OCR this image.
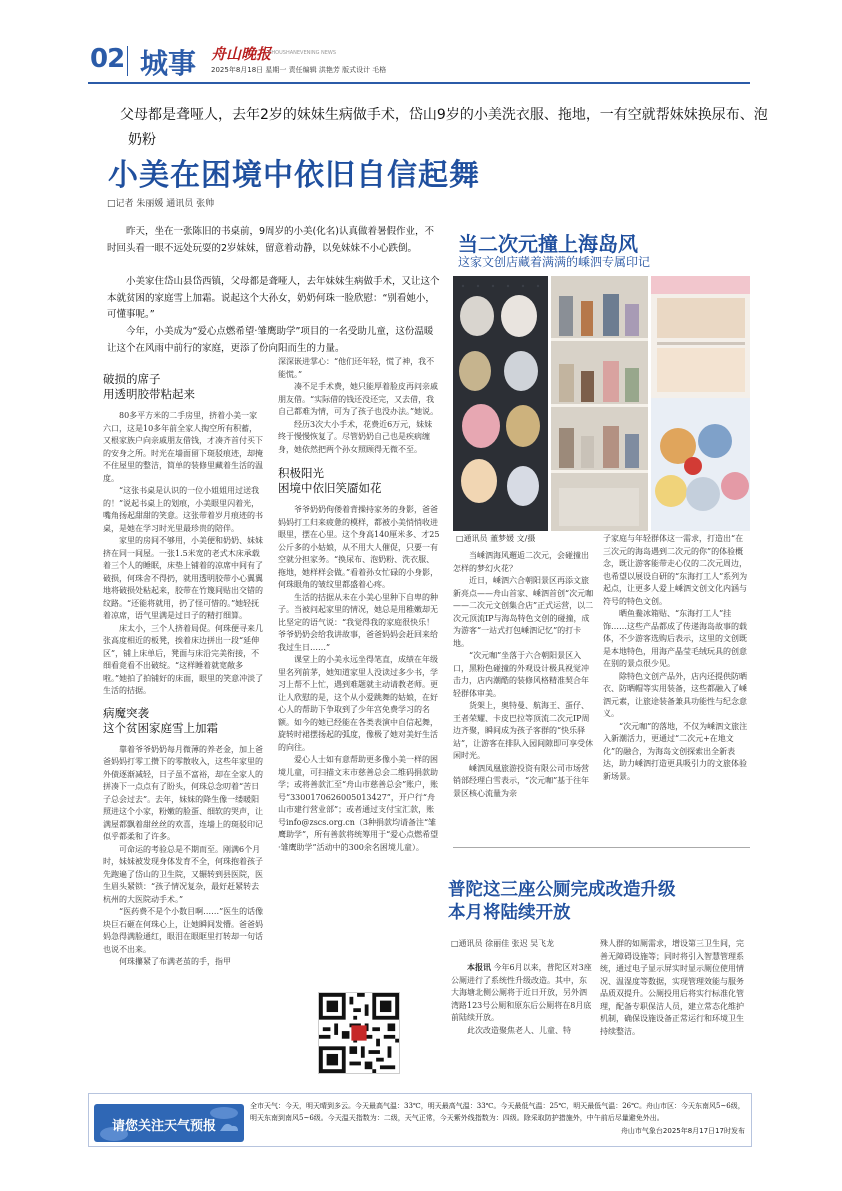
02 城事 舟山晚报
ZHOUSHANEVENING NEWS
2025年8月18日 星期一 责任编辑 洪艳芳 版式设计 毛格
父母都是聋哑人，去年2岁的妹妹生病做手术，岱山9岁的小美洗衣服、拖地，一有空就帮妹妹换尿布、泡奶粉
小美在困境中依旧自信起舞
□记者 朱丽媛 通讯员 张帅

昨天，坐在一张陈旧的书桌前，9周岁的小美(化名)认真做着暑假作业，不时回头看一眼不远处玩耍的2岁妹妹，留意着动静，以免妹妹不小心跌倒。

小美家住岱山县岱西镇，父母都是聋哑人，去年妹妹生病做手术，又让这个本就贫困的家庭雪上加霜。说起这个大孙女，奶奶何珠一脸欣慰：“别看她小，可懂事呢。”

今年，小美成为“爱心点燃希望·雏鹰助学”项目的一名受助儿童，这份温暖让这个在风雨中前行的家庭，更添了份向阳而生的力量。

破损的席子
用透明胶带粘起来

80多平方米的二手房里，挤着小美一家六口，这是10多年前全家人掏空所有积蓄，又根家族户向亲戚朋友借钱，才凑齐首付买下的安身之所。时光在墙面留下斑驳痕迹，却掩不住屋里的整洁，简单的装修里藏着生活的温度。

“这张书桌是认识的一位小姐姐用过送我的！”说起书桌上的划痕，小美眼里闪着光，嘴角扬起甜甜的笑意。这张带着岁月痕迹的书桌，是她在学习时光里最珍贵的陪伴。

家里的房间不够用，小美便和奶奶、妹妹挤在同一间屋。一张1.5米宽的老式木床承载着三个人的睡眠，床垫上铺着的凉席中间有了破损，何珠舍不得扔，就用透明胶带小心翼翼地将破损处粘起来，胶带在竹篾间贴出交错的纹路。“还能将就用，扔了怪可惜的。”她轻抚着凉席，语气里满是过日子的精打细算。

床太小，三个人挤着局促。何珠便寻来几张高度相近的板凳，挨着床边拼出一段“延伸区”，铺上床单后，凳面与床沿完美衔接，不细看竟看不出破绽。“这样睡着就宽敞多啦。”她拍了拍铺好的床面，眼里的笑意冲淡了生活的拮据。

病魔突袭
这个贫困家庭雪上加霜

靠着爷爷奶奶每月微薄的养老金，加上爸爸妈妈打零工攒下的零散收入，这些年家里的外债逐渐减轻，日子虽不富裕，却在全家人的拼凑下一点点有了盼头，何珠总念叨着“苦日子总会过去”。去年，妹妹的降生像一缕暖阳照进这个小家，粉嫩的脸蛋、细软的哭声，让满屋都飘着甜丝丝的欢喜，连墙上的斑驳印记似乎都柔和了许多。

可命运的考验总是不期而至。刚满6个月时，妹妹被发现身体发育不全，何珠抱着孩子先跑遍了岱山的卫生院，又辗转到县医院，医生眉头紧锁：“孩子情况复杂，最好赶紧转去杭州的大医院动手术。”

“医药费不是个小数目啊……”医生的话像块巨石砸在何珠心上，让她瞬间发懵。爸爸妈妈急得满脸通红，眼泪在眼眶里打转却一句话也说不出来。

何珠攥紧了布满老茧的手，指甲

深深嵌进掌心：“他们还年轻，慌了神，我不能慌。”

凑不足手术费，她只能厚着脸皮再问亲戚朋友借。“实际借的钱还没还完，又去借，我自己都难为情，可为了孩子也没办法。”她说。

经历3次大小手术，花费近6万元，妹妹终于慢慢恢复了。尽管奶奶自己也是疾病缠身，她依然把两个孙女照顾得无微不至。

积极阳光
困境中依旧笑靥如花

爷爷奶奶佝偻着背操持家务的身影，爸爸妈妈打工归来疲惫的模样，都被小美悄悄收进眼里，摆在心里。这个身高140厘米多、才25公斤多的小姑娘，从不用大人催促，只要一有空就分担家务。“换尿布、泡奶粉、洗衣服、拖地，她样样会做。”看着孙女忙碌的小身影，何珠眼角的皱纹里都盛着心疼。

生活的拮据从未在小美心里种下自卑的种子。当被问起家里的情况，她总是用稚嫩却无比坚定的语气说：“我觉得我的家庭很快乐！爷爷奶奶会给我讲故事，爸爸妈妈会赶回来给我过生日……”

课堂上的小美永远坐得笔直，成绩在年级里名列前茅，她知道家里人没读过多少书，学习上帮不上忙，遇到难题就主动请教老师。更让人欣慰的是，这个从小爱跳舞的姑娘，在好心人的帮助下争取到了少年宫免费学习的名额。如今的她已经能在各类表演中自信起舞，旋转时裙摆扬起的弧度，像极了她对美好生活的向往。

爱心人士如有意帮助更多像小美一样的困境儿童，可扫描文末市慈善总会二维码捐款助学；或将善款汇至“舟山市慈善总会”账户，账号“3300170626005013427”，开户行“舟山市建行营业部”；或者通过支付宝汇款，账号info@zscs.org.cn（3种捐款均请备注“雏鹰助学”，所有善款将统筹用于“爱心点燃希望·雏鹰助学”活动中的300余名困境儿童）。

当二次元撞上海岛风
这家文创店藏着满满的嵊泗专属印记
□通讯员 董梦媛 文/摄

当嵊泗海风邂逅二次元，会碰撞出怎样的梦幻火花？

近日，嵊泗六合朝阳景区再添文旅新亮点——舟山首家、嵊泗首创“次元咖——二次元文创集合店”正式运营，以二次元顶流IP与海岛特色文创的碰撞，成为游客“一站式打包嵊泗记忆”的打卡地。

“次元咖”坐落于六合朝阳景区入口，黑粉色碰撞的外观设计极具视觉冲击力，店内潮酷的装修风格精准契合年轻群体审美。

货架上，奥特曼、航海王、蛋仔、王者荣耀、卡皮巴拉等顶流二次元IP周边齐聚，瞬间成为孩子客群的“快乐驿站”，让游客在排队入园间隙即可享受休闲时光。

嵊泗凤凰旅游投资有限公司市场营销部经理白雪表示，“次元咖”基于往年景区核心流量为亲

子家庭与年轻群体这一需求，打造出“在三次元的海岛遇到二次元的你”的体验概念，既让游客能带走心仪的二次元周边，也希望以展设自研的“东海打工人”系列为起点，让更多人爱上嵊泗文创文化内涵与符号的特色文创。

晒鱼鲞冰箱贴、“东海打工人”挂饰……这些产品都成了传递海岛故事的载体，不少游客选购后表示，这里的文创既是本地特色，用海产晶莹毛绒玩具的创意在别的景点很少见。

除特色文创产品外，店内还提供防晒衣、防晒帽等实用装备，这些都融入了嵊泗元素，让旅途装备兼具功能性与纪念意义。

“次元咖”的落地，不仅为嵊泗文旅注入新潮活力，更通过“二次元+在地文化”的融合，为海岛文创探索出全新表达，助力嵊泗打造更具吸引力的文旅体验新场景。

普陀这三座公厕完成改造升级
本月将陆续开放
□通讯员 徐丽佳 张迟 吴飞龙

本报讯 今年6月以来，普陀区对3座公厕进行了系统性升级改造。其中，东大海塘北侧公厕将于近日开放，另外泗湾路123号公厕和原东后公厕将在8月底前陆续开放。

此次改造聚焦老人、儿童、特

殊人群的如厕需求，增设第三卫生间，完善无障碍设施等；同时将引入智慧管理系统，通过电子显示屏实时显示厕位使用情况、温湿度等数据，实现管理效能与服务品质双提升。公厕投用后将实行标准化管理，配备专职保洁人员，建立常态化维护机制，确保设施设备正常运行和环境卫生持续整洁。

请您关注天气预报
全市天气：今天，明天晴到多云。今天最高气温：33℃，明天最高气温：33℃。今天最低气温：25℃，明天最低气温：26℃。舟山市区：今天东南风5~6级，明天东南到南风5~6级。今天温天指数为：二级，天气正常，今天紫外线指数为：四级。除采取防护措施外，中午前后尽量避免外出。
舟山市气象台2025年8月17日17时发布
